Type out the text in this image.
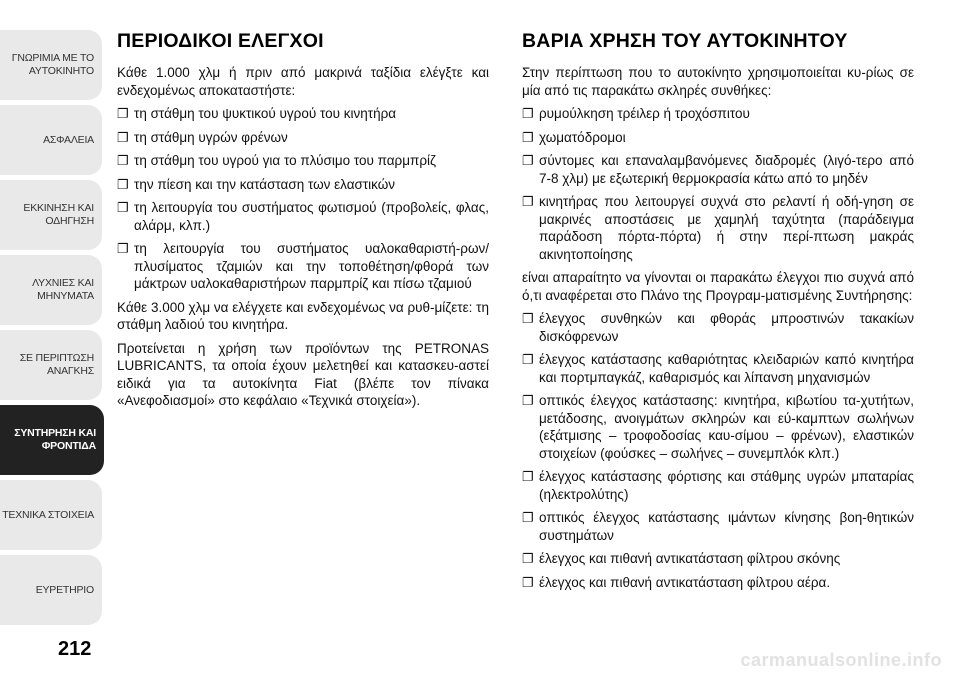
ΓΝΩΡΙΜΙΑ ΜΕ ΤΟ
ΑΥΤΟΚΙΝΗΤΟ
ΑΣΦΑΛΕΙΑ
ΕΚΚΙΝΗΣΗ ΚΑΙ
ΟΔΗΓΗΣΗ
ΛΥΧΝΙΕΣ ΚΑΙ
ΜΗΝΥΜΑΤΑ
ΣΕ ΠΕΡΙΠΤΩΣΗ
ΑΝΑΓΚΗΣ
ΣΥΝΤΗΡΗΣΗ ΚΑΙ
ΦΡΟΝΤΙΔΑ
ΤΕΧΝΙΚΑ ΣΤΟΙΧΕΙΑ
ΕΥΡΕΤΗΡΙΟ
212	carmanualsonline.info
ΠΕΡΙΟΔΙΚΟΙ ΕΛΕΓΧΟΙ

Κάθε 1.000 χλμ ή πριν από μακρινά ταξίδια ελέγξτε και ενδεχομένως αποκαταστήστε:

❐ τη στάθμη του ψυκτικού υγρού του κινητήρα
❐ τη στάθμη υγρών φρένων
❐ τη στάθμη του υγρού για το πλύσιμο του παρμπρίζ
❐ την πίεση και την κατάσταση των ελαστικών
❐ τη λειτουργία του συστήματος φωτισμού (προβολείς, φλας, αλάρμ, κλπ.)
❐ τη λειτουργία του συστήματος υαλοκαθαριστή-ρων/πλυσίματος τζαμιών και την τοποθέτηση/φθορά των μάκτρων υαλοκαθαριστήρων παρμπρίζ και πίσω τζαμιού

Κάθε 3.000 χλμ να ελέγχετε και ενδεχομένως να ρυθ-μίζετε: τη στάθμη λαδιού του κινητήρα.

Προτείνεται η χρήση των προϊόντων της PETRONAS LUBRICANTS, τα οποία έχουν μελετηθεί και κατασκευ-αστεί ειδικά για τα αυτοκίνητα Fiat (βλέπε τον πίνακα «Ανεφοδιασμοί» στο κεφάλαιο «Τεχνικά στοιχεία»).

ΒΑΡΙΑ ΧΡΗΣΗ ΤΟΥ ΑΥΤΟΚΙΝΗΤΟΥ

Στην περίπτωση που το αυτοκίνητο χρησιμοποιείται κυ-ρίως σε μία από τις παρακάτω σκληρές συνθήκες:

❐ ρυμούλκηση τρέιλερ ή τροχόσπιτου
❐ χωματόδρομοι
❐ σύντομες και επαναλαμβανόμενες διαδρομές (λιγό-τερο από 7-8 χλμ) με εξωτερική θερμοκρασία κάτω από το μηδέν
❐ κινητήρας που λειτουργεί συχνά στο ρελαντί ή οδή-γηση σε μακρινές αποστάσεις με χαμηλή ταχύτητα (παράδειγμα παράδοση πόρτα-πόρτα) ή στην περί-πτωση μακράς ακινητοποίησης

είναι απαραίτητο να γίνονται οι παρακάτω έλεγχοι πιο συχνά από ό,τι αναφέρεται στο Πλάνο της Προγραμ-ματισμένης Συντήρησης:

❐ έλεγχος συνθηκών και φθοράς μπροστινών τακακίων δισκόφρενων
❐ έλεγχος κατάστασης καθαριότητας κλειδαριών καπό κινητήρα και πορτμπαγκάζ, καθαρισμός και λίπανση μηχανισμών
❐ οπτικός έλεγχος κατάστασης: κινητήρα, κιβωτίου τα-χυτήτων, μετάδοσης, ανοιγμάτων σκληρών και εύ-καμπτων σωλήνων (εξάτμισης – τροφοδοσίας καυ-σίμου – φρένων), ελαστικών στοιχείων (φούσκες – σωλήνες – συνεμπλόκ κλπ.)
❐ έλεγχος κατάστασης φόρτισης και στάθμης υγρών μπαταρίας (ηλεκτρολύτης)
❐ οπτικός έλεγχος κατάστασης ιμάντων κίνησης βοη-θητικών συστημάτων
❐ έλεγχος και πιθανή αντικατάσταση φίλτρου σκόνης
❐ έλεγχος και πιθανή αντικατάσταση φίλτρου αέρα.
